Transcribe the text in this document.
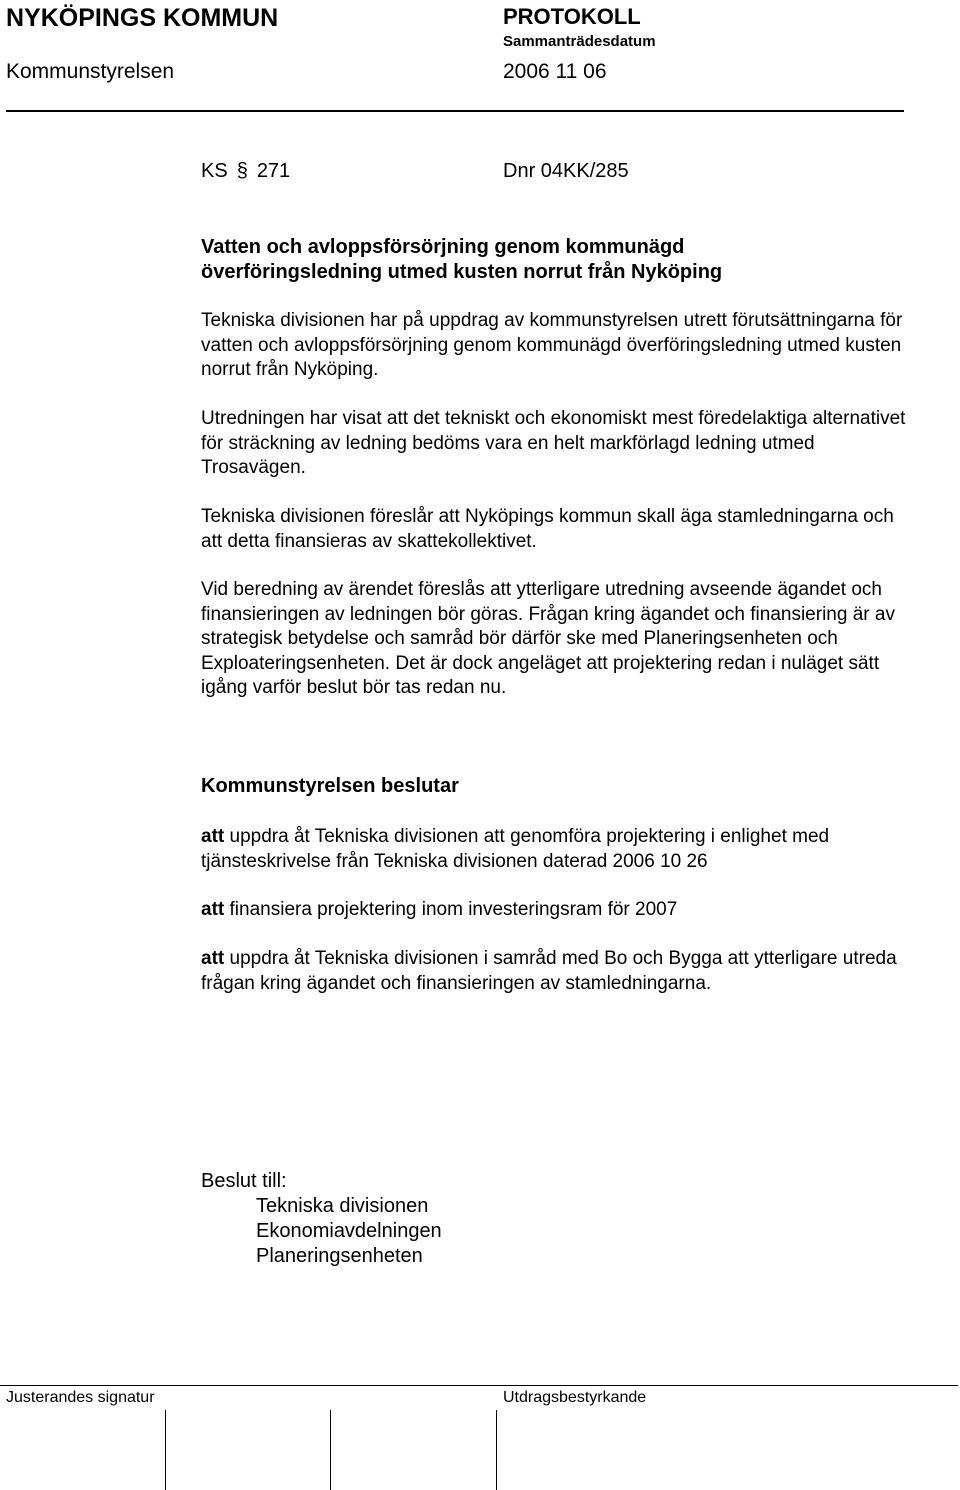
NYKÖPINGS KOMMUN
Kommunstyrelsen
PROTOKOLL
Sammanträdesdatum
2006 11 06
KS § 271	Dnr 04KK/285
Vatten och avloppsförsörjning genom kommunägd
överföringsledning utmed kusten norrut från Nyköping
Tekniska divisionen har på uppdrag av kommunstyrelsen utrett förutsättningarna för vatten och avloppsförsörjning genom kommunägd överföringsledning utmed kusten norrut från Nyköping.
Utredningen har visat att det tekniskt och ekonomiskt mest föredelaktiga alternativet för sträckning av ledning bedöms vara en helt markförlagd ledning utmed Trosavägen.
Tekniska divisionen föreslår att Nyköpings kommun skall äga stamledningarna och att detta finansieras av skattekollektivet.
Vid beredning av ärendet föreslås att ytterligare utredning avseende ägandet och finansieringen av ledningen bör göras. Frågan kring ägandet och finansiering är av strategisk betydelse och samråd bör därför ske med Planeringsenheten och Exploateringsenheten. Det är dock angeläget att projektering redan i nuläget sätt igång varför beslut bör tas redan nu.
Kommunstyrelsen beslutar
att uppdra åt Tekniska divisionen att genomföra projektering i enlighet med tjänsteskrivelse från Tekniska divisionen daterad 2006 10 26
att finansiera projektering inom investeringsram för 2007
att uppdra åt Tekniska divisionen i samråd med Bo och Bygga att ytterligare utreda frågan kring ägandet och finansieringen av stamledningarna.
Beslut till:
Tekniska divisionen
Ekonomiavdelningen
Planeringsenheten
Justerandes signatur	Utdragsbestyrkande
